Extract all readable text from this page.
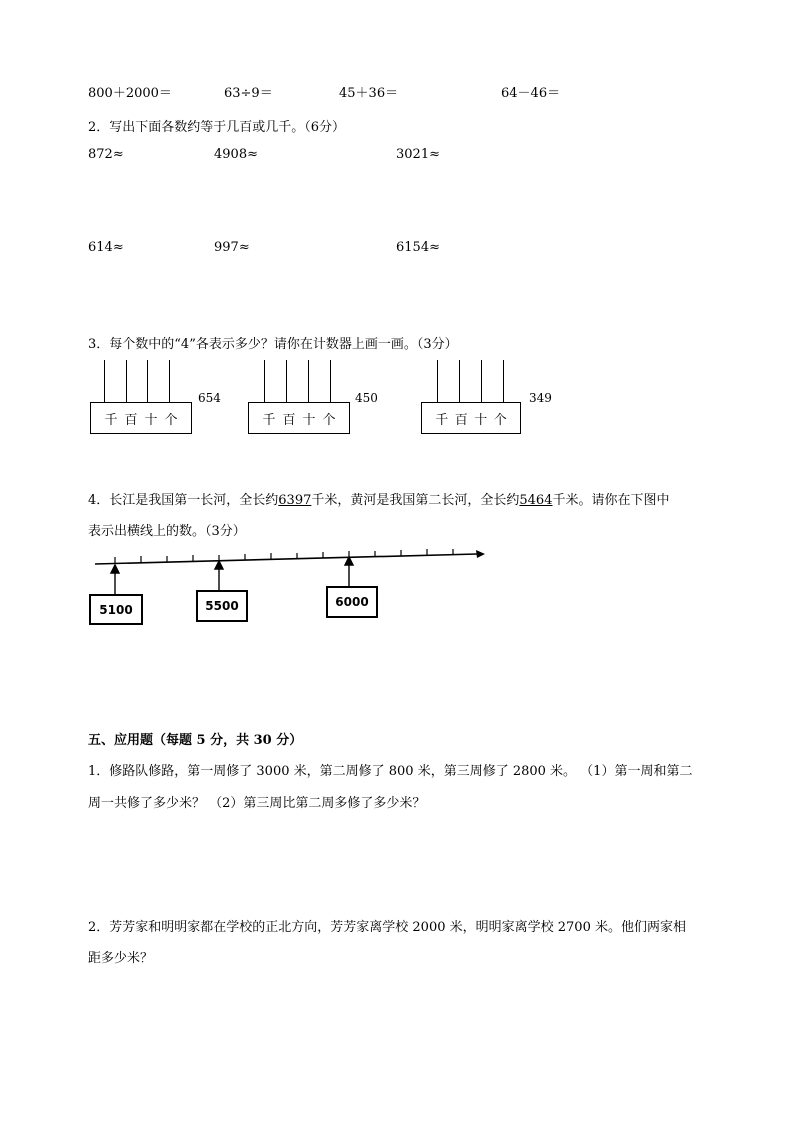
800＋2000＝	63÷9＝	45＋36＝	64－46＝
2．写出下面各数约等于几百或几千。（6分）
872≈	4908≈	3021≈
614≈	997≈	6154≈
3．每个数中的“4”各表示多少？请你在计数器上画一画。（3分）
千 百 十 个
654
千 百 十 个
450
千 百 十 个
349
4．长江是我国第一长河，全长约6397千米，黄河是我国第二长河，全长约5464千米。请你在下图中
表示出横线上的数。（3分）
5100	5500	6000
五、应用题（每题 5 分，共 30 分）
1．修路队修路，第一周修了 3000 米，第二周修了 800 米，第三周修了 2800 米。 （1）第一周和第二
周一共修了多少米？ （2）第三周比第二周多修了多少米？
2．芳芳家和明明家都在学校的正北方向，芳芳家离学校 2000 米，明明家离学校 2700 米。他们两家相
距多少米？
